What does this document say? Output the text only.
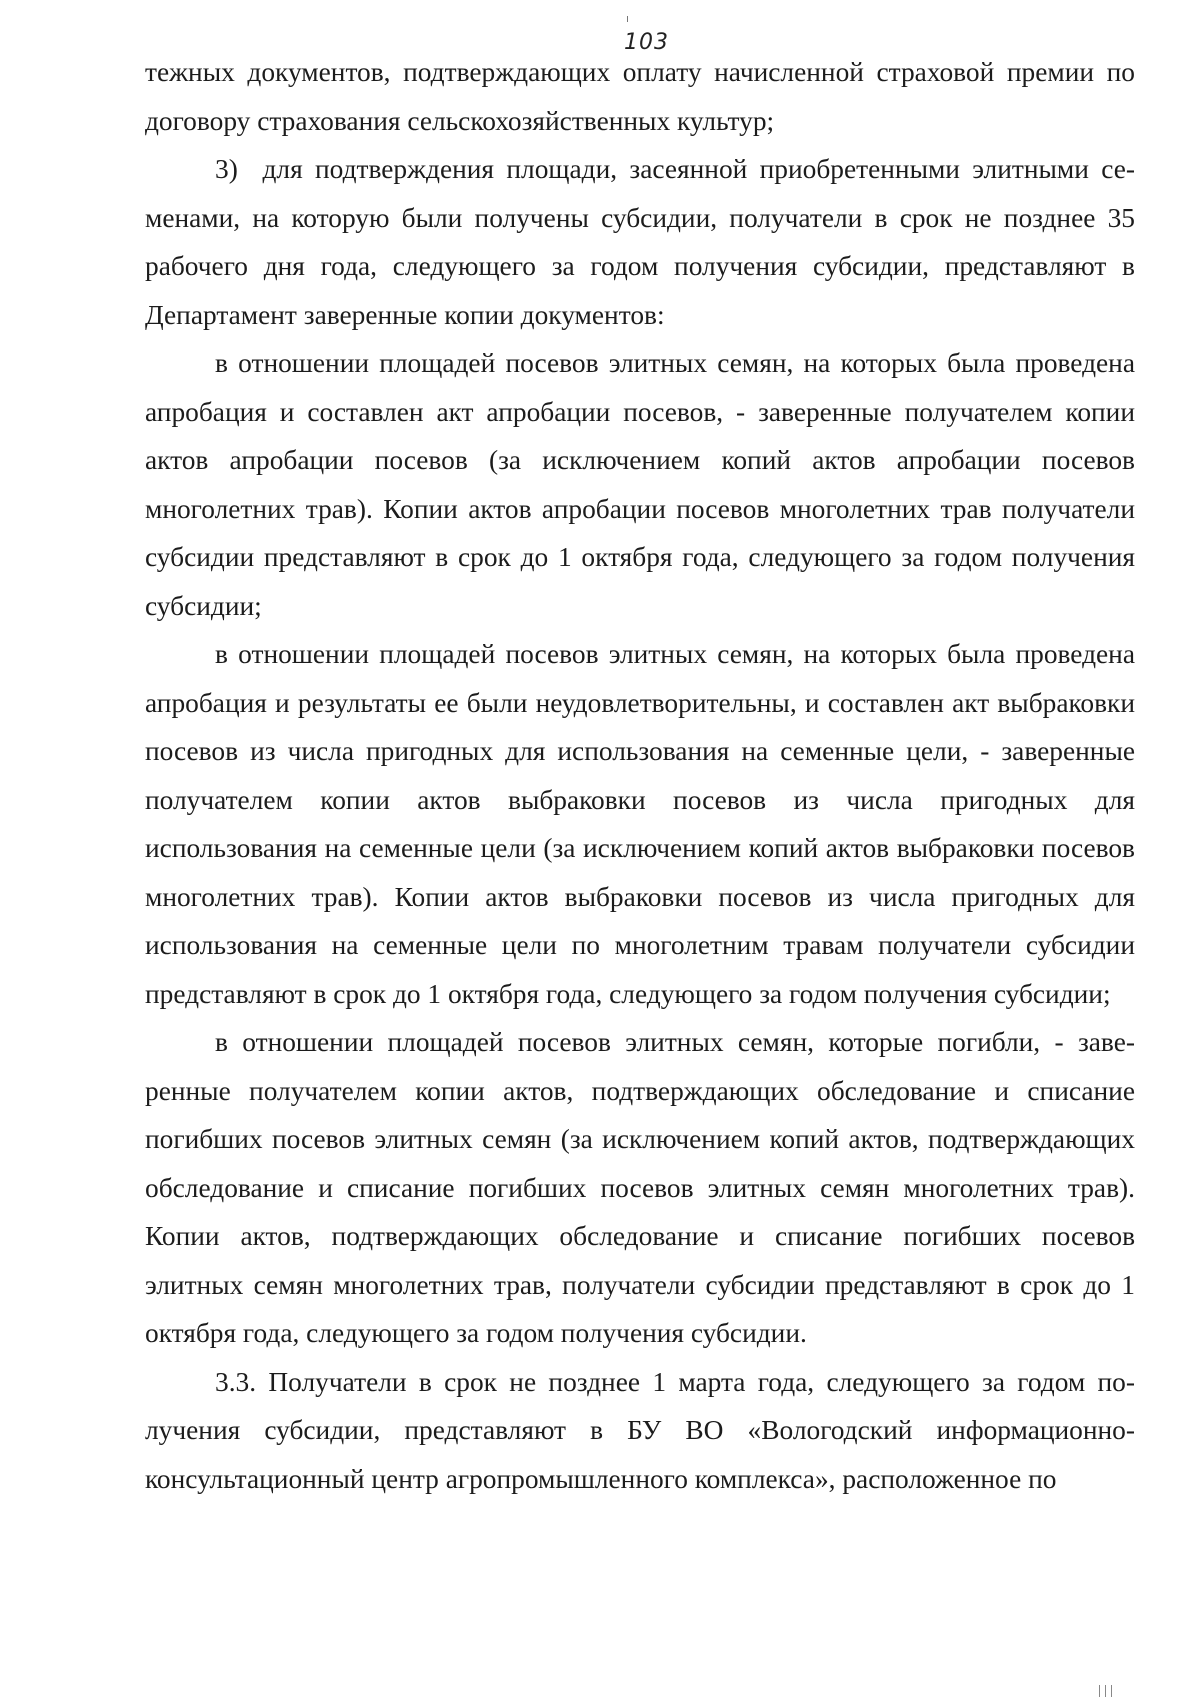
103

тежных документов, подтверждающих оплату начисленной страховой премии по договору страхования сельскохозяйственных культур;

3)  для подтверждения площади, засеянной приобретенными элитными семенами, на которую были получены субсидии, получатели в срок не позднее 35 рабочего дня года, следующего за годом получения субсидии, представляют в Департамент заверенные копии документов:

в отношении площадей посевов элитных семян, на которых была проведена апробация и составлен акт апробации посевов, - заверенные получателем копии актов апробации посевов (за исключением копий актов апробации посевов многолетних трав). Копии актов апробации посевов многолетних трав получатели субсидии представляют в срок до 1 октября года, следующего за годом получения субсидии;

в отношении площадей посевов элитных семян, на которых была проведена апробация и результаты ее были неудовлетворительны, и составлен акт выбраковки посевов из числа пригодных для использования на семенные цели, - заверенные получателем копии актов выбраковки посевов из числа пригодных для использования на семенные цели (за исключением копий актов выбраковки посевов многолетних трав). Копии актов выбраковки посевов из числа пригодных для использования на семенные цели по многолетним травам получатели субсидии представляют в срок до 1 октября года, следующего за годом получения субсидии;

в отношении площадей посевов элитных семян, которые погибли, - заверенные получателем копии актов, подтверждающих обследование и списание погибших посевов элитных семян (за исключением копий актов, подтверждающих обследование и списание погибших посевов элитных семян многолетних трав). Копии актов, подтверждающих обследование и списание погибших посевов элитных семян многолетних трав, получатели субсидии представляют в срок до 1 октября года, следующего за годом получения субсидии.

3.3. Получатели в срок не позднее 1 марта года, следующего за годом получения субсидии, представляют в БУ ВО «Вологодский информационно-консультационный центр агропромышленного комплекса», расположенное по
